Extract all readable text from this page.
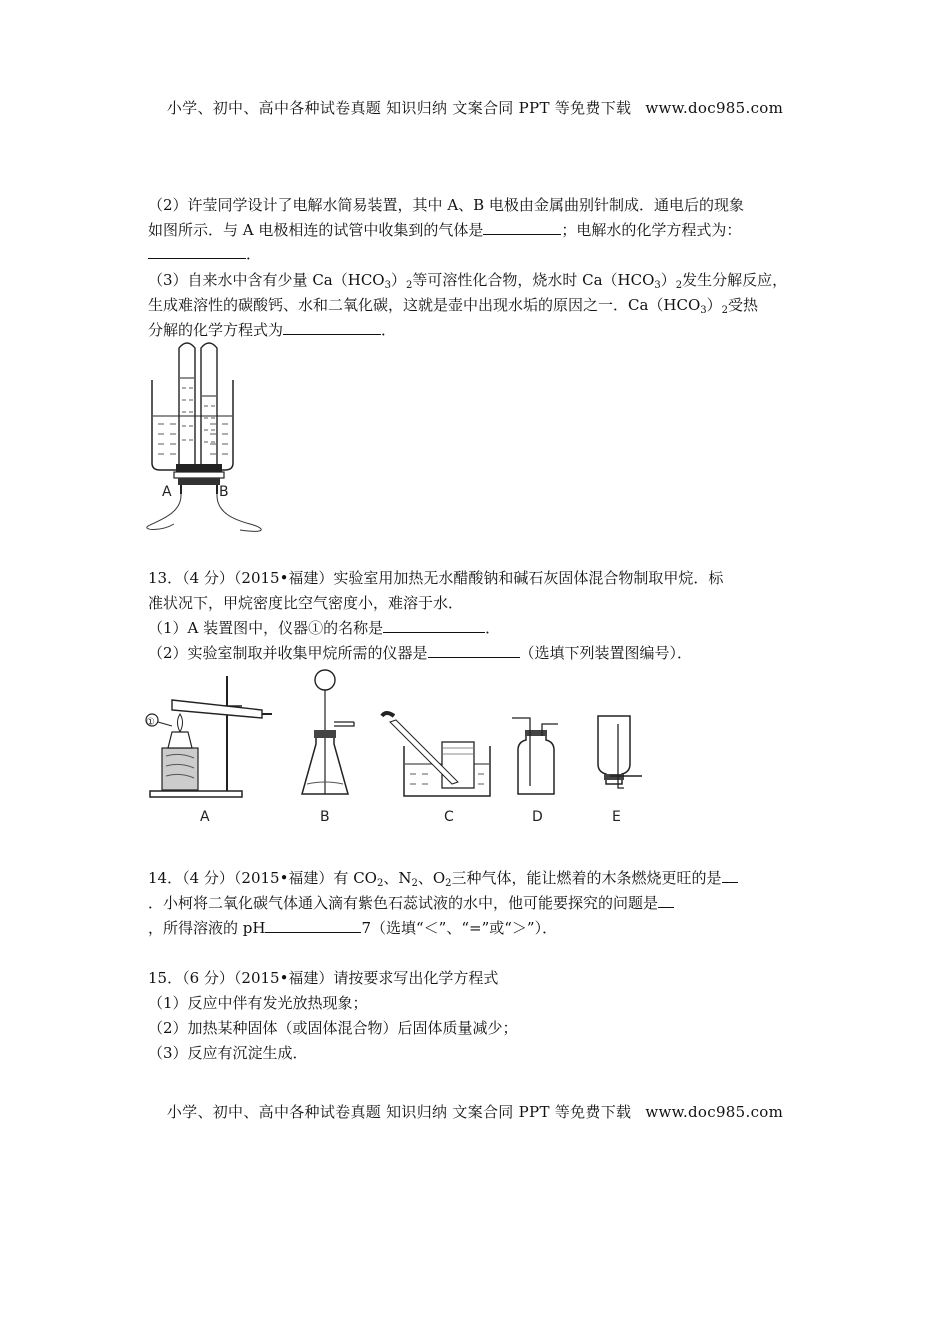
小学、初中、高中各种试卷真题 知识归纳 文案合同 PPT 等免费下载 www.doc985.com
（2）许莹同学设计了电解水简易装置，其中 A、B 电极由金属曲别针制成．通电后的现象
如图所示．与 A 电极相连的试管中收集到的气体是	；电解水的化学方程式为：
．
（3）自来水中含有少量 $Ca(HCO_3)_2$等可溶性化合物，烧水时 $Ca(HCO_3)_2$发生分解反应，
生成难溶性的碳酸钙、水和二氧化碳，这就是壶中出现水垢的原因之一．$Ca(HCO_3)_2$受热
分解的化学方程式为	．
A	B
13．（4 分）（2015•福建）实验室用加热无水醋酸钠和碱石灰固体混合物制取甲烷．标
准状况下，甲烷密度比空气密度小，难溶于水．
（1）A 装置图中，仪器①的名称是	．
（2）实验室制取并收集甲烷所需的仪器是	（选填下列装置图编号）．
①
A	B	C	D	E
14．（4 分）（2015•福建）有 $CO_2$、$N_2$、$O_2$三种气体，能让燃着的木条燃烧更旺的是
．小柯将二氧化碳气体通入滴有紫色石蕊试液的水中，他可能要探究的问题是
，所得溶液的 pH	7（选填“＜”、“=”或“＞”）．
15．（6 分）（2015•福建）请按要求写出化学方程式
（1）反应中伴有发光放热现象；
（2）加热某种固体（或固体混合物）后固体质量减少；
（3）反应有沉淀生成．
小学、初中、高中各种试卷真题 知识归纳 文案合同 PPT 等免费下载 www.doc985.com
